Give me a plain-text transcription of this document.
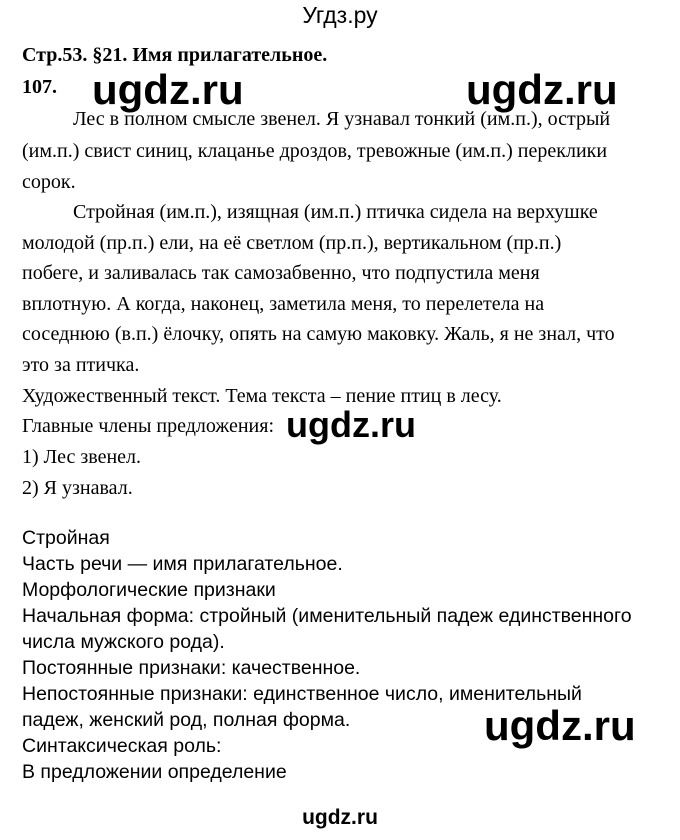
Угдз.ру
Стр.53. §21. Имя прилагательное.
107. ugdz.ru	ugdz.ru
ugdz.ru
ugdz.ru
Лес в полном смысле звенел. Я узнавал тонкий (им.п.), острый
(им.п.) свист синиц, клацанье дроздов, тревожные (им.п.) переклики
сорок.
Стройная (им.п.), изящная (им.п.) птичка сидела на верхушке
молодой (пр.п.) ели, на её светлом (пр.п.), вертикальном (пр.п.)
побеге, и заливалась так самозабвенно, что подпустила меня
вплотную. А когда, наконец, заметила меня, то перелетела на
соседнюю (в.п.) ёлочку, опять на самую маковку. Жаль, я не знал, что
это за птичка.
Художественный текст. Тема текста – пение птиц в лесу.
Главные члены предложения:
1) Лес звенел.
2) Я узнавал.
Стройная
Часть речи — имя прилагательное.
Морфологические признаки
Начальная форма: стройный (именительный падеж единственного
числа мужского рода).
Постоянные признаки: качественное.
Непостоянные признаки: единственное число, именительный
падеж, женский род, полная форма.
Синтаксическая роль:
В предложении определение
ugdz.ru
